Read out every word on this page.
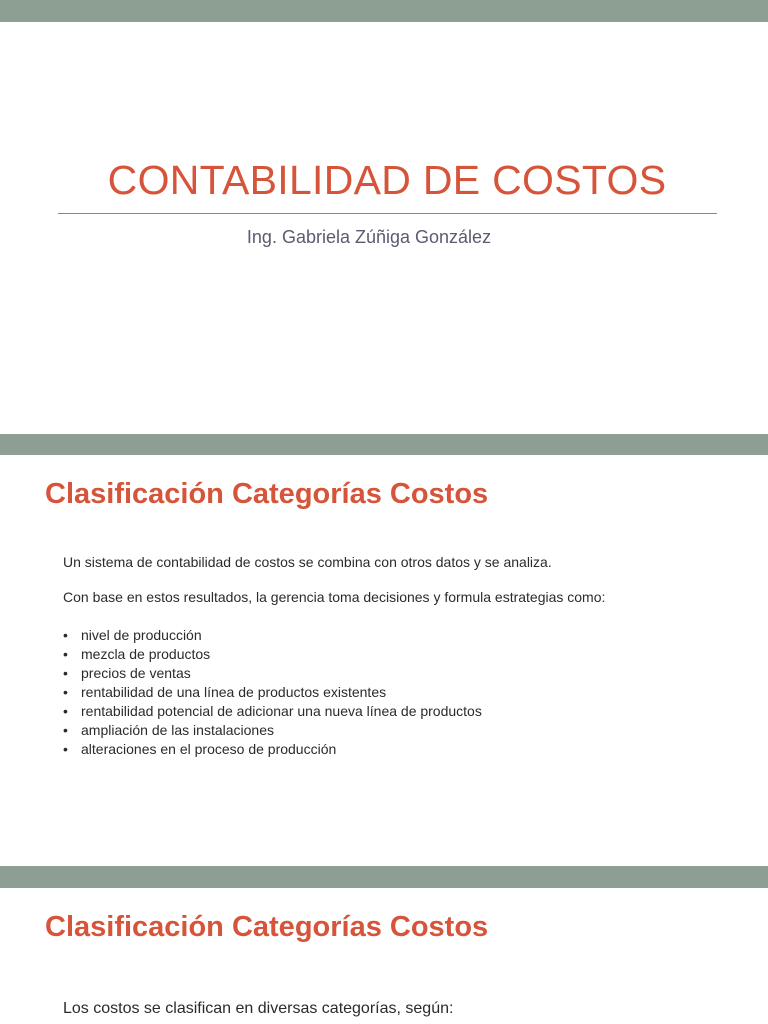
CONTABILIDAD DE COSTOS

Ing. Gabriela Zúñiga González

Clasificación Categorías Costos

Un sistema de contabilidad de costos se combina con otros datos y se analiza.

Con base en estos resultados, la gerencia toma decisiones y formula estrategias como:

• nivel de producción
• mezcla de productos
• precios de ventas
• rentabilidad de una línea de productos existentes
• rentabilidad potencial de adicionar una nueva línea de productos
• ampliación de las instalaciones
• alteraciones en el proceso de producción
Clasificación Categorías Costos

Los costos se clasifican en diversas categorías, según:
